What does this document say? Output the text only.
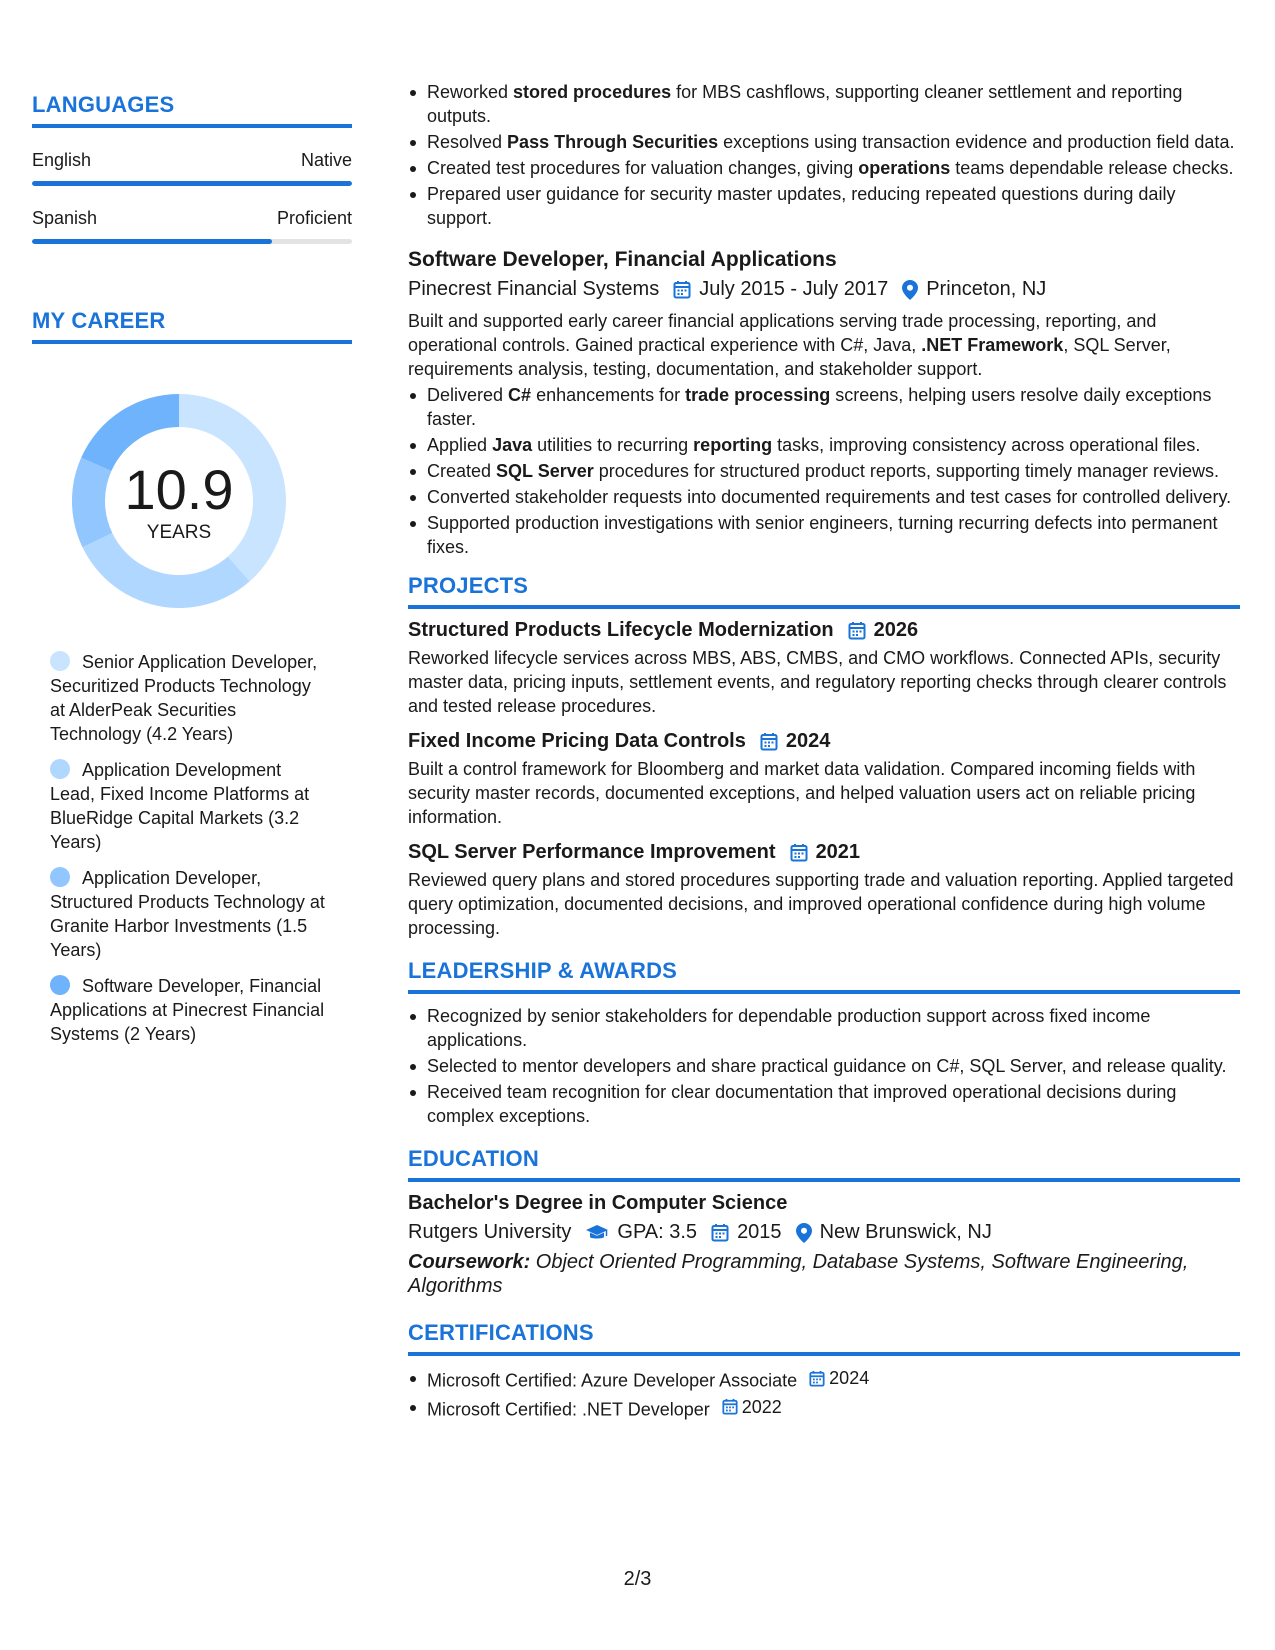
LANGUAGES
English	Native
Spanish	Proficient
MY CAREER
10.9
YEARS
Senior Application Developer, Securitized Products Technology at AlderPeak Securities Technology (4.2 Years)
Application Development Lead, Fixed Income Platforms at BlueRidge Capital Markets (3.2 Years)
Application Developer, Structured Products Technology at Granite Harbor Investments (1.5 Years)
Software Developer, Financial Applications at Pinecrest Financial Systems (2 Years)
Reworked stored procedures for MBS cashflows, supporting cleaner settlement and reporting outputs.
Resolved Pass Through Securities exceptions using transaction evidence and production field data.
Created test procedures for valuation changes, giving operations teams dependable release checks.
Prepared user guidance for security master updates, reducing repeated questions during daily support.
Software Developer, Financial Applications
Pinecrest Financial Systems July 2015 - July 2017 Princeton, NJ
Built and supported early career financial applications serving trade processing, reporting, and operational controls. Gained practical experience with C#, Java, .NET Framework, SQL Server, requirements analysis, testing, documentation, and stakeholder support.
Delivered C# enhancements for trade processing screens, helping users resolve daily exceptions faster.
Applied Java utilities to recurring reporting tasks, improving consistency across operational files.
Created SQL Server procedures for structured product reports, supporting timely manager reviews.
Converted stakeholder requests into documented requirements and test cases for controlled delivery.
Supported production investigations with senior engineers, turning recurring defects into permanent fixes.
PROJECTS
Structured Products Lifecycle Modernization 2026
Reworked lifecycle services across MBS, ABS, CMBS, and CMO workflows. Connected APIs, security master data, pricing inputs, settlement events, and regulatory reporting checks through clearer controls and tested release procedures.
Fixed Income Pricing Data Controls 2024
Built a control framework for Bloomberg and market data validation. Compared incoming fields with security master records, documented exceptions, and helped valuation users act on reliable pricing information.
SQL Server Performance Improvement 2021
Reviewed query plans and stored procedures supporting trade and valuation reporting. Applied targeted query optimization, documented decisions, and improved operational confidence during high volume processing.
LEADERSHIP & AWARDS
Recognized by senior stakeholders for dependable production support across fixed income applications.
Selected to mentor developers and share practical guidance on C#, SQL Server, and release quality.
Received team recognition for clear documentation that improved operational decisions during complex exceptions.
EDUCATION
Bachelor's Degree in Computer Science
Rutgers University GPA: 3.5 2015 New Brunswick, NJ
Coursework: Object Oriented Programming, Database Systems, Software Engineering, Algorithms
CERTIFICATIONS
Microsoft Certified: Azure Developer Associate 2024
Microsoft Certified: .NET Developer 2022
2/3
